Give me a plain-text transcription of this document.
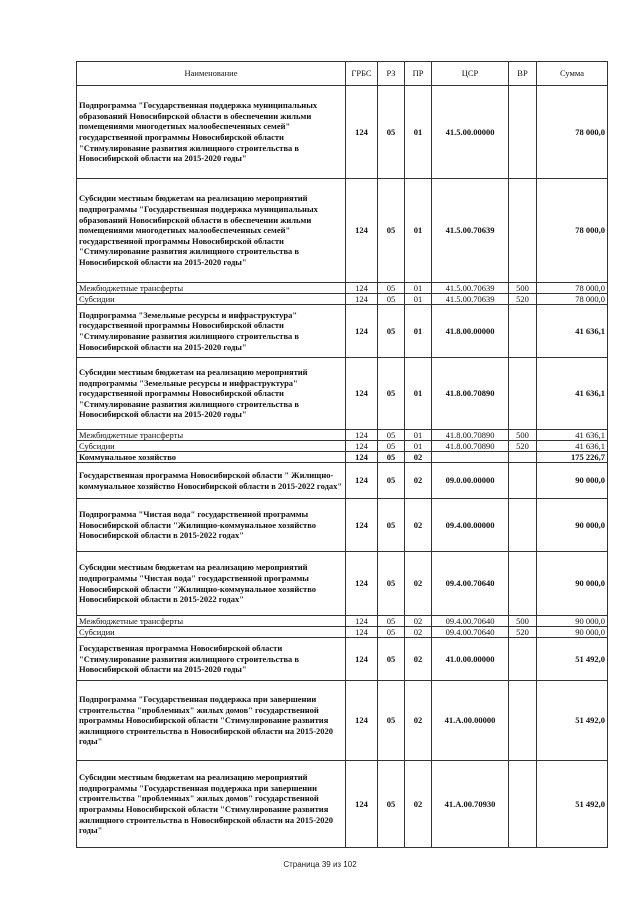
Наименование	ГРБС	РЗ	ПР	ЦСР	ВР	Сумма
Подпрограмма "Государственная поддержка муниципальных образований Новосибирской области в обеспечении жильми помещениями многодетных малообеспеченных семей" государственной программы Новосибирской области "Стимулирование развития жилищного строительства в Новосибирской области на 2015-2020 годы"	124	05	01	41.5.00.00000		78 000,0
Субсидии местным бюджетам на реализацию мероприятий подпрограммы "Государственная поддержка муниципальных образований Новосибирской области в обеспечении жильми помещениями многодетных малообеспеченных семей" государственной программы Новосибирской области "Стимулирование развития жилищного строительства в Новосибирской области на 2015-2020 годы"	124	05	01	41.5.00.70639		78 000,0
Межбюджетные трансферты	124	05	01	41.5.00.70639	500	78 000,0
Субсидии	124	05	01	41.5.00.70639	520	78 000,0
Подпрограмма "Земельные ресурсы и инфраструктура" государственной программы Новосибирской области "Стимулирование развития жилищного строительства в Новосибирской области на 2015-2020 годы"	124	05	01	41.8.00.00000		41 636,1
Субсидии местным бюджетам на реализацию мероприятий подпрограммы "Земельные ресурсы и инфраструктура" государственной программы Новосибирской области "Стимулирование развития жилищного строительства в Новосибирской области на 2015-2020 годы"	124	05	01	41.8.00.70890		41 636,1
Межбюджетные трансферты	124	05	01	41.8.00.70890	500	41 636,1
Субсидии	124	05	01	41.8.00.70890	520	41 636,1
Коммунальное хозяйство	124	05	02			175 226,7
Государственная программа Новосибирской области " Жилищно-коммунальное хозяйство Новосибирской области в 2015-2022 годах"	124	05	02	09.0.00.00000		90 000,0
Подпрограмма "Чистая вода" государственной программы Новосибирской области "Жилищно-коммунальное хозяйство Новосибирской области в 2015-2022 годах"	124	05	02	09.4.00.00000		90 000,0
Субсидии местным бюджетам на реализацию мероприятий подпрограммы "Чистая вода" государственной программы Новосибирской области "Жилищно-коммунальное хозяйство Новосибирской области в 2015-2022 годах"	124	05	02	09.4.00.70640		90 000,0
Межбюджетные трансферты	124	05	02	09.4.00.70640	500	90 000,0
Субсидии	124	05	02	09.4.00.70640	520	90 000,0
Государственная программа Новосибирской области "Стимулирование развития жилищного строительства в Новосибирской области на 2015-2020 годы"	124	05	02	41.0.00.00000		51 492,0
Подпрограмма "Государственная поддержка при завершении строительства "проблемных" жилых домов" государственной программы Новосибирской области "Стимулирование развития жилищного строительства в Новосибирской области на 2015-2020 годы"	124	05	02	41.А.00.00000		51 492,0
Субсидии местным бюджетам на реализацию мероприятий подпрограммы "Государственная поддержка при завершении строительства "проблемных" жилых домов" государственной программы Новосибирской области "Стимулирование развития жилищного строительства в Новосибирской области на 2015-2020 годы"	124	05	02	41.А.00.70930		51 492,0
Страница 39 из 102
